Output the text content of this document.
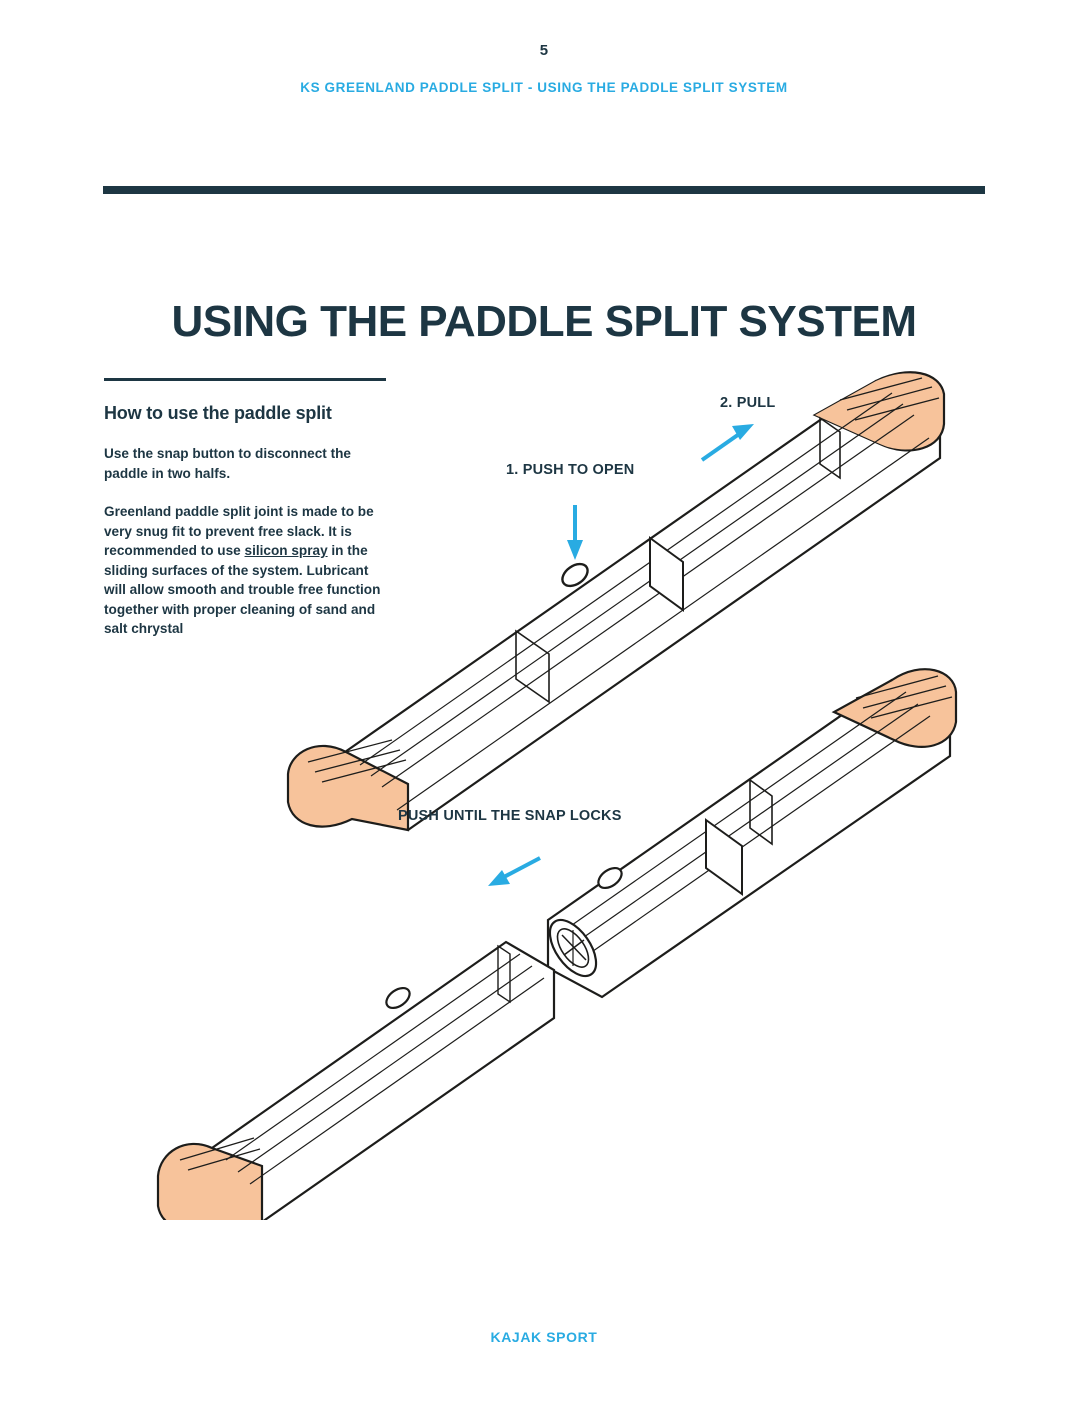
5
KS GREENLAND PADDLE SPLIT - USING THE PADDLE SPLIT SYSTEM
USING THE PADDLE SPLIT SYSTEM
How to use the paddle split

Use the snap button to disconnect the paddle in two halfs.

Greenland paddle split joint is made to be very snug fit to prevent free slack. It is recommended to use silicon spray in the sliding surfaces of the system. Lubricant will allow smooth and trouble free function together with proper cleaning of sand and salt chrystal

1. PUSH TO OPEN
2. PULL
PUSH UNTIL THE SNAP LOCKS
KAJAK SPORT
